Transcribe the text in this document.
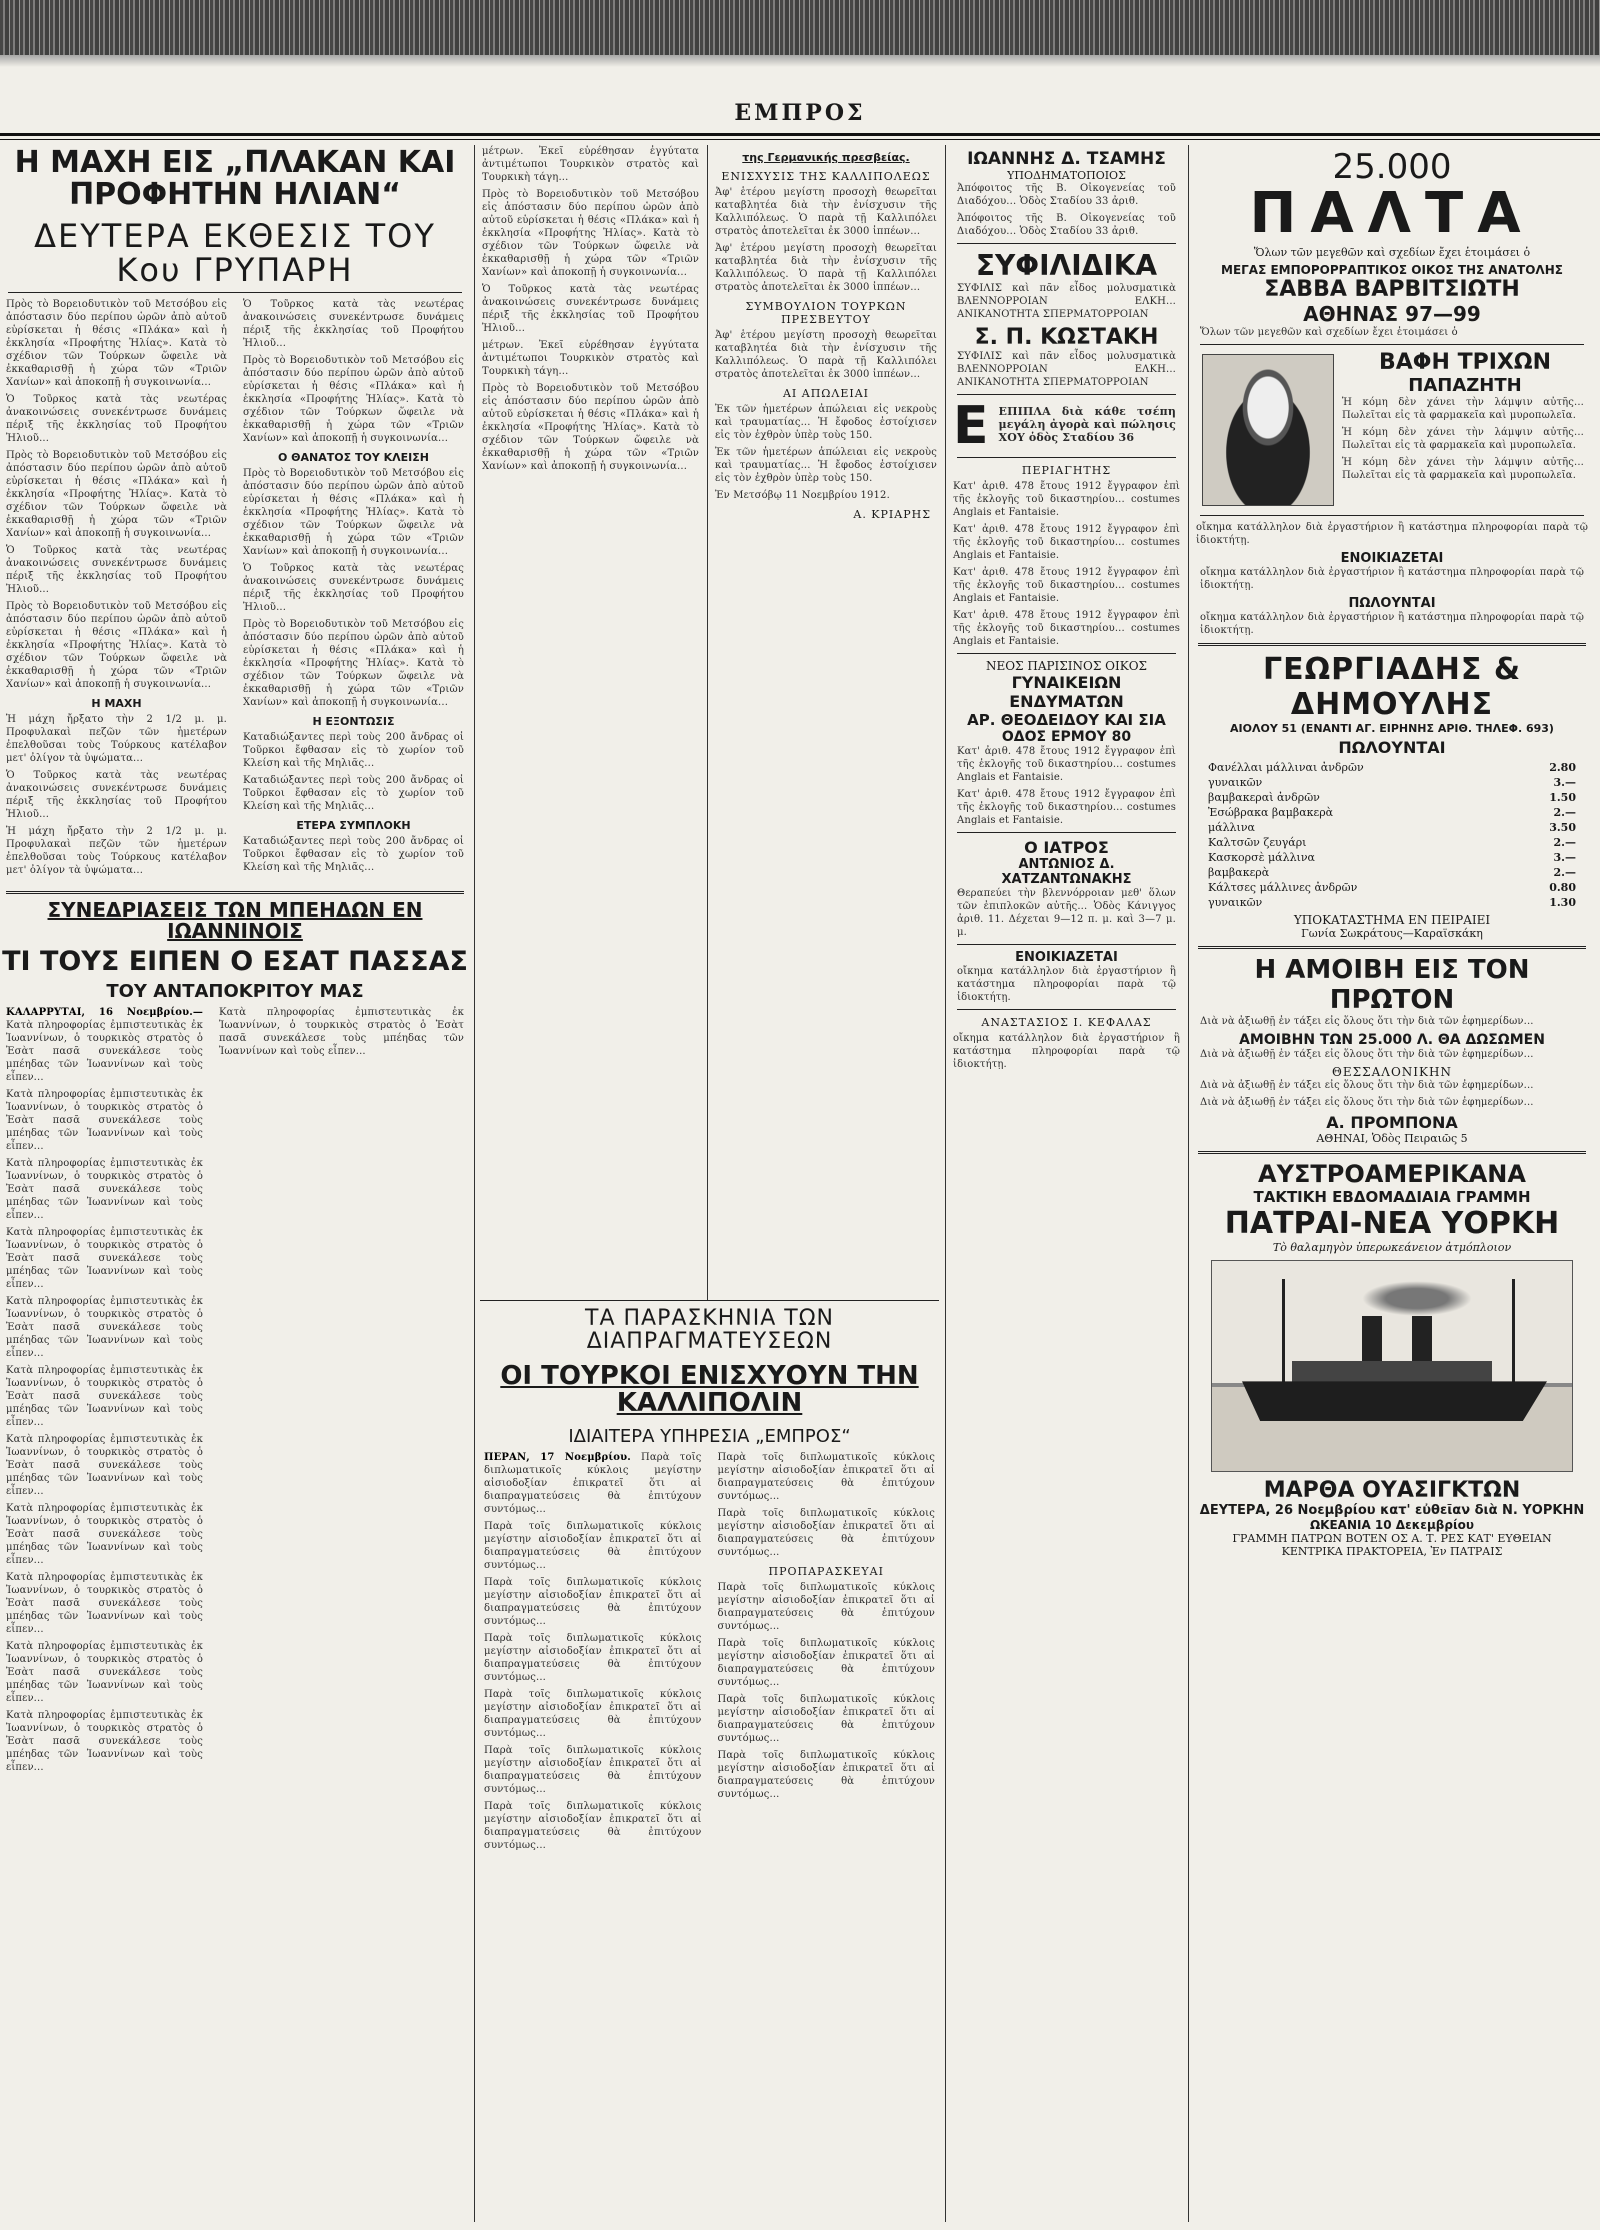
ΕΜΠΡΟΣ
Η ΜΑΧΗ ΕΙΣ „ΠΛΑΚΑΝ ΚΑΙ ΠΡΟΦΗΤΗΝ ΗΛΙΑΝ“
ΔΕΥΤΕΡΑ ΕΚΘΕΣΙΣ ΤΟΥ Κου ΓΡΥΠΑΡΗ

Πρὸς τὸ Βορειοδυτικὸν τοῦ Μετσόβου εἰς ἀπόστασιν δύο περίπου ὡρῶν ἀπὸ αὐτοῦ εὑρίσκεται ἡ θέσις «Πλάκα» καὶ ἡ ἐκκλησία «Προφήτης Ἠλίας». Κατὰ τὸ σχέδιον τῶν Τούρκων ὥφειλε νὰ ἐκκαθαρισθῇ ἡ χώρα τῶν «Τριῶν Χανίων» καὶ ἀποκοπῇ ἡ συγκοινωνία...

Ὁ Τοῦρκος κατὰ τὰς νεωτέρας ἀνακοινώσεις συνεκέντρωσε δυνάμεις πέριξ τῆς ἐκκλησίας τοῦ Προφήτου Ἠλιοῦ...

Πρὸς τὸ Βορειοδυτικὸν τοῦ Μετσόβου εἰς ἀπόστασιν δύο περίπου ὡρῶν ἀπὸ αὐτοῦ εὑρίσκεται ἡ θέσις «Πλάκα» καὶ ἡ ἐκκλησία «Προφήτης Ἠλίας». Κατὰ τὸ σχέδιον τῶν Τούρκων ὥφειλε νὰ ἐκκαθαρισθῇ ἡ χώρα τῶν «Τριῶν Χανίων» καὶ ἀποκοπῇ ἡ συγκοινωνία...

Ὁ Τοῦρκος κατὰ τὰς νεωτέρας ἀνακοινώσεις συνεκέντρωσε δυνάμεις πέριξ τῆς ἐκκλησίας τοῦ Προφήτου Ἠλιοῦ...

Πρὸς τὸ Βορειοδυτικὸν τοῦ Μετσόβου εἰς ἀπόστασιν δύο περίπου ὡρῶν ἀπὸ αὐτοῦ εὑρίσκεται ἡ θέσις «Πλάκα» καὶ ἡ ἐκκλησία «Προφήτης Ἠλίας». Κατὰ τὸ σχέδιον τῶν Τούρκων ὥφειλε νὰ ἐκκαθαρισθῇ ἡ χώρα τῶν «Τριῶν Χανίων» καὶ ἀποκοπῇ ἡ συγκοινωνία...

Η ΜΑΧΗ

Ἡ μάχη ἤρξατο τὴν 2 1/2 μ. μ. Προφυλακαὶ πεζῶν τῶν ἡμετέρων ἐπελθοῦσαι τοὺς Τούρκους κατέλαβον μετ' ὀλίγον τὰ ὑψώματα...

Ὁ Τοῦρκος κατὰ τὰς νεωτέρας ἀνακοινώσεις συνεκέντρωσε δυνάμεις πέριξ τῆς ἐκκλησίας τοῦ Προφήτου Ἠλιοῦ...

Ἡ μάχη ἤρξατο τὴν 2 1/2 μ. μ. Προφυλακαὶ πεζῶν τῶν ἡμετέρων ἐπελθοῦσαι τοὺς Τούρκους κατέλαβον μετ' ὀλίγον τὰ ὑψώματα...

Ὁ Τοῦρκος κατὰ τὰς νεωτέρας ἀνακοινώσεις συνεκέντρωσε δυνάμεις πέριξ τῆς ἐκκλησίας τοῦ Προφήτου Ἠλιοῦ...

Πρὸς τὸ Βορειοδυτικὸν τοῦ Μετσόβου εἰς ἀπόστασιν δύο περίπου ὡρῶν ἀπὸ αὐτοῦ εὑρίσκεται ἡ θέσις «Πλάκα» καὶ ἡ ἐκκλησία «Προφήτης Ἠλίας». Κατὰ τὸ σχέδιον τῶν Τούρκων ὥφειλε νὰ ἐκκαθαρισθῇ ἡ χώρα τῶν «Τριῶν Χανίων» καὶ ἀποκοπῇ ἡ συγκοινωνία...

Ο ΘΑΝΑΤΟΣ ΤΟΥ ΚΛΕΙΣΗ

Πρὸς τὸ Βορειοδυτικὸν τοῦ Μετσόβου εἰς ἀπόστασιν δύο περίπου ὡρῶν ἀπὸ αὐτοῦ εὑρίσκεται ἡ θέσις «Πλάκα» καὶ ἡ ἐκκλησία «Προφήτης Ἠλίας». Κατὰ τὸ σχέδιον τῶν Τούρκων ὥφειλε νὰ ἐκκαθαρισθῇ ἡ χώρα τῶν «Τριῶν Χανίων» καὶ ἀποκοπῇ ἡ συγκοινωνία...

Ὁ Τοῦρκος κατὰ τὰς νεωτέρας ἀνακοινώσεις συνεκέντρωσε δυνάμεις πέριξ τῆς ἐκκλησίας τοῦ Προφήτου Ἠλιοῦ...

Πρὸς τὸ Βορειοδυτικὸν τοῦ Μετσόβου εἰς ἀπόστασιν δύο περίπου ὡρῶν ἀπὸ αὐτοῦ εὑρίσκεται ἡ θέσις «Πλάκα» καὶ ἡ ἐκκλησία «Προφήτης Ἠλίας». Κατὰ τὸ σχέδιον τῶν Τούρκων ὥφειλε νὰ ἐκκαθαρισθῇ ἡ χώρα τῶν «Τριῶν Χανίων» καὶ ἀποκοπῇ ἡ συγκοινωνία...

Η ΕΞΟΝΤΩΣΙΣ

Καταδιώξαντες περὶ τοὺς 200 ἄνδρας οἱ Τοῦρκοι ἔφθασαν εἰς τὸ χωρίον τοῦ Κλείση καὶ τῆς Μηλιᾶς...

Καταδιώξαντες περὶ τοὺς 200 ἄνδρας οἱ Τοῦρκοι ἔφθασαν εἰς τὸ χωρίον τοῦ Κλείση καὶ τῆς Μηλιᾶς...

ΕΤΕΡΑ ΣΥΜΠΛΟΚΗ

Καταδιώξαντες περὶ τοὺς 200 ἄνδρας οἱ Τοῦρκοι ἔφθασαν εἰς τὸ χωρίον τοῦ Κλείση καὶ τῆς Μηλιᾶς...

ΣΥΝΕΔΡΙΑΣΕΙΣ ΤΩΝ ΜΠΕΗΔΩΝ ΕΝ ΙΩΑΝΝΙΝΟΙΣ
ΤΙ ΤΟΥΣ ΕΙΠΕΝ Ο ΕΣΑΤ ΠΑΣΣΑΣ
ΤΟΥ ΑΝΤΑΠΟΚΡΙΤΟΥ ΜΑΣ

ΚΑΛΑΡΡΥΤΑΙ, 16 Νοεμβρίου.— Κατὰ πληροφορίας ἐμπιστευτικὰς ἐκ Ἰωαννίνων, ὁ τουρκικὸς στρατὸς ὁ Ἐσὰτ πασᾶ συνεκάλεσε τοὺς μπέηδας τῶν Ἰωαννίνων καὶ τοὺς εἶπεν...

Κατὰ πληροφορίας ἐμπιστευτικὰς ἐκ Ἰωαννίνων, ὁ τουρκικὸς στρατὸς ὁ Ἐσὰτ πασᾶ συνεκάλεσε τοὺς μπέηδας τῶν Ἰωαννίνων καὶ τοὺς εἶπεν...

Κατὰ πληροφορίας ἐμπιστευτικὰς ἐκ Ἰωαννίνων, ὁ τουρκικὸς στρατὸς ὁ Ἐσὰτ πασᾶ συνεκάλεσε τοὺς μπέηδας τῶν Ἰωαννίνων καὶ τοὺς εἶπεν...

Κατὰ πληροφορίας ἐμπιστευτικὰς ἐκ Ἰωαννίνων, ὁ τουρκικὸς στρατὸς ὁ Ἐσὰτ πασᾶ συνεκάλεσε τοὺς μπέηδας τῶν Ἰωαννίνων καὶ τοὺς εἶπεν...

Κατὰ πληροφορίας ἐμπιστευτικὰς ἐκ Ἰωαννίνων, ὁ τουρκικὸς στρατὸς ὁ Ἐσὰτ πασᾶ συνεκάλεσε τοὺς μπέηδας τῶν Ἰωαννίνων καὶ τοὺς εἶπεν...

Κατὰ πληροφορίας ἐμπιστευτικὰς ἐκ Ἰωαννίνων, ὁ τουρκικὸς στρατὸς ὁ Ἐσὰτ πασᾶ συνεκάλεσε τοὺς μπέηδας τῶν Ἰωαννίνων καὶ τοὺς εἶπεν...

Κατὰ πληροφορίας ἐμπιστευτικὰς ἐκ Ἰωαννίνων, ὁ τουρκικὸς στρατὸς ὁ Ἐσὰτ πασᾶ συνεκάλεσε τοὺς μπέηδας τῶν Ἰωαννίνων καὶ τοὺς εἶπεν...

Κατὰ πληροφορίας ἐμπιστευτικὰς ἐκ Ἰωαννίνων, ὁ τουρκικὸς στρατὸς ὁ Ἐσὰτ πασᾶ συνεκάλεσε τοὺς μπέηδας τῶν Ἰωαννίνων καὶ τοὺς εἶπεν...

Κατὰ πληροφορίας ἐμπιστευτικὰς ἐκ Ἰωαννίνων, ὁ τουρκικὸς στρατὸς ὁ Ἐσὰτ πασᾶ συνεκάλεσε τοὺς μπέηδας τῶν Ἰωαννίνων καὶ τοὺς εἶπεν...

Κατὰ πληροφορίας ἐμπιστευτικὰς ἐκ Ἰωαννίνων, ὁ τουρκικὸς στρατὸς ὁ Ἐσὰτ πασᾶ συνεκάλεσε τοὺς μπέηδας τῶν Ἰωαννίνων καὶ τοὺς εἶπεν...

Κατὰ πληροφορίας ἐμπιστευτικὰς ἐκ Ἰωαννίνων, ὁ τουρκικὸς στρατὸς ὁ Ἐσὰτ πασᾶ συνεκάλεσε τοὺς μπέηδας τῶν Ἰωαννίνων καὶ τοὺς εἶπεν...

Κατὰ πληροφορίας ἐμπιστευτικὰς ἐκ Ἰωαννίνων, ὁ τουρκικὸς στρατὸς ὁ Ἐσὰτ πασᾶ συνεκάλεσε τοὺς μπέηδας τῶν Ἰωαννίνων καὶ τοὺς εἶπεν...

μέτρων. Ἐκεῖ εὑρέθησαν ἐγγύτατα ἀντιμέτωποι Τουρκικὸν στρατὸς καὶ Τουρκικὴ τάγη...

Πρὸς τὸ Βορειοδυτικὸν τοῦ Μετσόβου εἰς ἀπόστασιν δύο περίπου ὡρῶν ἀπὸ αὐτοῦ εὑρίσκεται ἡ θέσις «Πλάκα» καὶ ἡ ἐκκλησία «Προφήτης Ἠλίας». Κατὰ τὸ σχέδιον τῶν Τούρκων ὥφειλε νὰ ἐκκαθαρισθῇ ἡ χώρα τῶν «Τριῶν Χανίων» καὶ ἀποκοπῇ ἡ συγκοινωνία...

Ὁ Τοῦρκος κατὰ τὰς νεωτέρας ἀνακοινώσεις συνεκέντρωσε δυνάμεις πέριξ τῆς ἐκκλησίας τοῦ Προφήτου Ἠλιοῦ...

μέτρων. Ἐκεῖ εὑρέθησαν ἐγγύτατα ἀντιμέτωποι Τουρκικὸν στρατὸς καὶ Τουρκικὴ τάγη...

Πρὸς τὸ Βορειοδυτικὸν τοῦ Μετσόβου εἰς ἀπόστασιν δύο περίπου ὡρῶν ἀπὸ αὐτοῦ εὑρίσκεται ἡ θέσις «Πλάκα» καὶ ἡ ἐκκλησία «Προφήτης Ἠλίας». Κατὰ τὸ σχέδιον τῶν Τούρκων ὥφειλε νὰ ἐκκαθαρισθῇ ἡ χώρα τῶν «Τριῶν Χανίων» καὶ ἀποκοπῇ ἡ συγκοινωνία...

της Γερμανικής πρεσβείας.
ΕΝΙΣΧΥΣΙΣ ΤΗΣ ΚΑΛΛΙΠΟΛΕΩΣ

Ἀφ' ἑτέρου μεγίστη προσοχὴ θεωρεῖται καταβλητέα διὰ τὴν ἐνίσχυσιν τῆς Καλλιπόλεως. Ὁ παρὰ τῇ Καλλιπόλει στρατὸς ἀποτελεῖται ἐκ 3000 ἱππέων...

Ἀφ' ἑτέρου μεγίστη προσοχὴ θεωρεῖται καταβλητέα διὰ τὴν ἐνίσχυσιν τῆς Καλλιπόλεως. Ὁ παρὰ τῇ Καλλιπόλει στρατὸς ἀποτελεῖται ἐκ 3000 ἱππέων...

ΣΥΜΒΟΥΛΙΟΝ ΤΟΥΡΚΩΝ ΠΡΕΣΒΕΥΤΟΥ

Ἀφ' ἑτέρου μεγίστη προσοχὴ θεωρεῖται καταβλητέα διὰ τὴν ἐνίσχυσιν τῆς Καλλιπόλεως. Ὁ παρὰ τῇ Καλλιπόλει στρατὸς ἀποτελεῖται ἐκ 3000 ἱππέων...

ΑΙ ΑΠΩΛΕΙΑΙ

Ἐκ τῶν ἡμετέρων ἀπώλειαι εἰς νεκροὺς καὶ τραυματίας... Ἡ ἔφοδος ἐστοίχισεν εἰς τὸν ἐχθρὸν ὑπὲρ τοὺς 150.

Ἐκ τῶν ἡμετέρων ἀπώλειαι εἰς νεκροὺς καὶ τραυματίας... Ἡ ἔφοδος ἐστοίχισεν εἰς τὸν ἐχθρὸν ὑπὲρ τοὺς 150.

Ἐν Μετσόβῳ 11 Νοεμβρίου 1912.

Α. ΚΡΙΑΡΗΣ
ΤΑ ΠΑΡΑΣΚΗΝΙΑ ΤΩΝ ΔΙΑΠΡΑΓΜΑΤΕΥΣΕΩΝ
ΟΙ ΤΟΥΡΚΟΙ ΕΝΙΣΧΥΟΥΝ ΤΗΝ ΚΑΛΛΙΠΟΛΙΝ
ΙΔΙΑΙΤΕΡΑ ΥΠΗΡΕΣΙΑ „ΕΜΠΡΟΣ“

ΠΕΡΑΝ, 17 Νοεμβρίου. Παρὰ τοῖς διπλωματικοῖς κύκλοις μεγίστην αἰσιοδοξίαν ἐπικρατεῖ ὅτι αἱ διαπραγματεύσεις θὰ ἐπιτύχουν συντόμως...

Παρὰ τοῖς διπλωματικοῖς κύκλοις μεγίστην αἰσιοδοξίαν ἐπικρατεῖ ὅτι αἱ διαπραγματεύσεις θὰ ἐπιτύχουν συντόμως...

Παρὰ τοῖς διπλωματικοῖς κύκλοις μεγίστην αἰσιοδοξίαν ἐπικρατεῖ ὅτι αἱ διαπραγματεύσεις θὰ ἐπιτύχουν συντόμως...

Παρὰ τοῖς διπλωματικοῖς κύκλοις μεγίστην αἰσιοδοξίαν ἐπικρατεῖ ὅτι αἱ διαπραγματεύσεις θὰ ἐπιτύχουν συντόμως...

Παρὰ τοῖς διπλωματικοῖς κύκλοις μεγίστην αἰσιοδοξίαν ἐπικρατεῖ ὅτι αἱ διαπραγματεύσεις θὰ ἐπιτύχουν συντόμως...

Παρὰ τοῖς διπλωματικοῖς κύκλοις μεγίστην αἰσιοδοξίαν ἐπικρατεῖ ὅτι αἱ διαπραγματεύσεις θὰ ἐπιτύχουν συντόμως...

Παρὰ τοῖς διπλωματικοῖς κύκλοις μεγίστην αἰσιοδοξίαν ἐπικρατεῖ ὅτι αἱ διαπραγματεύσεις θὰ ἐπιτύχουν συντόμως...

Παρὰ τοῖς διπλωματικοῖς κύκλοις μεγίστην αἰσιοδοξίαν ἐπικρατεῖ ὅτι αἱ διαπραγματεύσεις θὰ ἐπιτύχουν συντόμως...

Παρὰ τοῖς διπλωματικοῖς κύκλοις μεγίστην αἰσιοδοξίαν ἐπικρατεῖ ὅτι αἱ διαπραγματεύσεις θὰ ἐπιτύχουν συντόμως...

ΠΡΟΠΑΡΑΣΚΕΥΑΙ

Παρὰ τοῖς διπλωματικοῖς κύκλοις μεγίστην αἰσιοδοξίαν ἐπικρατεῖ ὅτι αἱ διαπραγματεύσεις θὰ ἐπιτύχουν συντόμως...

Παρὰ τοῖς διπλωματικοῖς κύκλοις μεγίστην αἰσιοδοξίαν ἐπικρατεῖ ὅτι αἱ διαπραγματεύσεις θὰ ἐπιτύχουν συντόμως...

Παρὰ τοῖς διπλωματικοῖς κύκλοις μεγίστην αἰσιοδοξίαν ἐπικρατεῖ ὅτι αἱ διαπραγματεύσεις θὰ ἐπιτύχουν συντόμως...

Παρὰ τοῖς διπλωματικοῖς κύκλοις μεγίστην αἰσιοδοξίαν ἐπικρατεῖ ὅτι αἱ διαπραγματεύσεις θὰ ἐπιτύχουν συντόμως...

ΙΩΑΝΝΗΣ Δ. ΤΣΑΜΗΣ
ΥΠΟΔΗΜΑΤΟΠΟΙΟΣ

Ἀπόφοιτος τῆς Β. Οἰκογενείας τοῦ Διαδόχου... Ὁδὸς Σταδίου 33 ἀριθ.

Ἀπόφοιτος τῆς Β. Οἰκογενείας τοῦ Διαδόχου... Ὁδὸς Σταδίου 33 ἀριθ.

ΣΥΦΙΛΙΔΙΚΑ

ΣΥΦΙΛΙΣ καὶ πᾶν εἶδος μολυσματικὰ ΒΛΕΝΝΟΡΡΟΙΑΝ ΕΛΚΗ... ΑΝΙΚΑΝΟΤΗΤΑ ΣΠΕΡΜΑΤΟΡΡΟΙΑΝ

Σ. Π. ΚΩΣΤΑΚΗ

ΣΥΦΙΛΙΣ καὶ πᾶν εἶδος μολυσματικὰ ΒΛΕΝΝΟΡΡΟΙΑΝ ΕΛΚΗ... ΑΝΙΚΑΝΟΤΗΤΑ ΣΠΕΡΜΑΤΟΡΡΟΙΑΝ

Ε ΕΠΙΠΛΑ διὰ κάθε τσέπη μεγάλη ἀγορὰ καὶ πώλησις ΧΟΥ ὁδὸς Σταδίου 36
ΠΕΡΙΑΓΗΤΗΣ

Κατ' ἀριθ. 478 ἔτους 1912 ἔγγραφον ἐπὶ τῆς ἐκλογῆς τοῦ δικαστηρίου... costumes Anglais et Fantaisie.

Κατ' ἀριθ. 478 ἔτους 1912 ἔγγραφον ἐπὶ τῆς ἐκλογῆς τοῦ δικαστηρίου... costumes Anglais et Fantaisie.

Κατ' ἀριθ. 478 ἔτους 1912 ἔγγραφον ἐπὶ τῆς ἐκλογῆς τοῦ δικαστηρίου... costumes Anglais et Fantaisie.

Κατ' ἀριθ. 478 ἔτους 1912 ἔγγραφον ἐπὶ τῆς ἐκλογῆς τοῦ δικαστηρίου... costumes Anglais et Fantaisie.

ΝΕΟΣ ΠΑΡΙΣΙΝΟΣ ΟΙΚΟΣ
ΓΥΝΑΙΚΕΙΩΝ ΕΝΔΥΜΑΤΩΝ
ΑΡ. ΘΕΟΔΕΙΔΟΥ ΚΑΙ ΣΙΑ
ΟΔΟΣ ΕΡΜΟΥ 80

Κατ' ἀριθ. 478 ἔτους 1912 ἔγγραφον ἐπὶ τῆς ἐκλογῆς τοῦ δικαστηρίου... costumes Anglais et Fantaisie.

Κατ' ἀριθ. 478 ἔτους 1912 ἔγγραφον ἐπὶ τῆς ἐκλογῆς τοῦ δικαστηρίου... costumes Anglais et Fantaisie.

Ο ΙΑΤΡΟΣ
ΑΝΤΩΝΙΟΣ Δ. ΧΑΤΖΑΝΤΩΝΑΚΗΣ

Θεραπεύει τὴν βλεννόρροιαν μεθ' ὅλων τῶν ἐπιπλοκῶν αὐτῆς... Ὁδὸς Κάνιγγος ἀριθ. 11. Δέχεται 9—12 π. μ. καὶ 3—7 μ. μ.

ΕΝΟΙΚΙΑΖΕΤΑΙ

οἴκημα κατάλληλον διὰ ἐργαστήριον ἢ κατάστημα πληροφορίαι παρὰ τῷ ἰδιοκτήτῃ.

ΑΝΑΣΤΑΣΙΟΣ Ι. ΚΕΦΑΛΑΣ

οἴκημα κατάλληλον διὰ ἐργαστήριον ἢ κατάστημα πληροφορίαι παρὰ τῷ ἰδιοκτήτῃ.

25.000
ΠΑΛΤΑ
Ὅλων τῶν μεγεθῶν καὶ σχεδίων ἔχει ἑτοιμάσει ὁ
ΜΕΓΑΣ ΕΜΠΟΡΟΡΡΑΠΤΙΚΟΣ ΟΙΚΟΣ ΤΗΣ ΑΝΑΤΟΛΗΣ
ΣΑΒΒΑ ΒΑΡΒΙΤΣΙΩΤΗ
ΑΘΗΝΑΣ 97—99

Ὅλων τῶν μεγεθῶν καὶ σχεδίων ἔχει ἑτοιμάσει ὁ

ΒΑΦΗ ΤΡΙΧΩΝ
ΠΑΠΑΖΗΤΗ

Ἡ κόμη δὲν χάνει τὴν λάμψιν αὐτῆς... Πωλεῖται εἰς τὰ φαρμακεῖα καὶ μυροπωλεῖα.

Ἡ κόμη δὲν χάνει τὴν λάμψιν αὐτῆς... Πωλεῖται εἰς τὰ φαρμακεῖα καὶ μυροπωλεῖα.

Ἡ κόμη δὲν χάνει τὴν λάμψιν αὐτῆς... Πωλεῖται εἰς τὰ φαρμακεῖα καὶ μυροπωλεῖα.

οἴκημα κατάλληλον διὰ ἐργαστήριον ἢ κατάστημα πληροφορίαι παρὰ τῷ ἰδιοκτήτῃ.

ΕΝΟΙΚΙΑΖΕΤΑΙ

οἴκημα κατάλληλον διὰ ἐργαστήριον ἢ κατάστημα πληροφορίαι παρὰ τῷ ἰδιοκτήτῃ.

ΠΩΛΟΥΝΤΑΙ

οἴκημα κατάλληλον διὰ ἐργαστήριον ἢ κατάστημα πληροφορίαι παρὰ τῷ ἰδιοκτήτῃ.

ΓΕΩΡΓΙΑΔΗΣ & ΔΗΜΟΥΛΗΣ
ΑΙΟΛΟΥ 51 (ΕΝΑΝΤΙ ΑΓ. ΕΙΡΗΝΗΣ ΑΡΙΘ. ΤΗΛΕΦ. 693)
ΠΩΛΟΥΝΤΑΙ
Φανέλλαι μάλλιναι ἀνδρῶν	2.80
γυναικῶν	3.—
βαμβακεραὶ ἀνδρῶν	1.50
Ἐσώβρακα βαμβακερὰ	2.—
μάλλινα	3.50
Καλτσῶν ζευγάρι	2.—
Κασκορσὲ μάλλινα	3.—
βαμβακερὰ	2.—
Κάλτσες μάλλινες ἀνδρῶν	0.80
γυναικῶν	1.30
ΥΠΟΚΑΤΑΣΤΗΜΑ ΕΝ ΠΕΙΡΑΙΕΙ
Γωνία Σωκράτους—Καραϊσκάκη
Η ΑΜΟΙΒΗ ΕΙΣ ΤΟΝ ΠΡΩΤΟΝ

Διὰ νὰ ἀξιωθῇ ἐν τάξει εἰς ὅλους ὅτι τὴν διὰ τῶν ἐφημερίδων...

ΑΜΟΙΒΗΝ ΤΩΝ 25.000 Λ. ΘΑ ΔΩΣΩΜΕΝ

Διὰ νὰ ἀξιωθῇ ἐν τάξει εἰς ὅλους ὅτι τὴν διὰ τῶν ἐφημερίδων...

ΘΕΣΣΑΛΟΝΙΚΗΝ

Διὰ νὰ ἀξιωθῇ ἐν τάξει εἰς ὅλους ὅτι τὴν διὰ τῶν ἐφημερίδων...

Διὰ νὰ ἀξιωθῇ ἐν τάξει εἰς ὅλους ὅτι τὴν διὰ τῶν ἐφημερίδων...

Α. ΠΡΟΜΠΟΝΑ
ΑΘΗΝΑΙ, Ὁδὸς Πειραιῶς 5
ΑΥΣΤΡΟΑΜΕΡΙΚΑΝΑ
ΤΑΚΤΙΚΗ ΕΒΔΟΜΑΔΙΑΙΑ ΓΡΑΜΜΗ
ΠΑΤΡΑΙ-ΝΕΑ ΥΟΡΚΗ
Τὸ θαλαμηγὸν ὑπερωκεάνειον ἀτμόπλοιον
ΜΑΡΘΑ ΟΥΑΣΙΓΚΤΩΝ
ΔΕΥΤΕΡΑ, 26 Νοεμβρίου κατ' εὐθεῖαν διὰ Ν. ΥΟΡΚΗΝ
ΩΚΕΑΝΙΑ 10 Δεκεμβρίου
ΓΡΑΜΜΗ ΠΑΤΡΩΝ ΒΟΤΕΝ ΟΣ Α. Τ. ΡΕΣ ΚΑΤ' ΕΥΘΕΙΑΝ
ΚΕΝΤΡΙΚΑ ΠΡΑΚΤΟΡΕΙΑ, Ἐν ΠΑΤΡΑΙΣ
